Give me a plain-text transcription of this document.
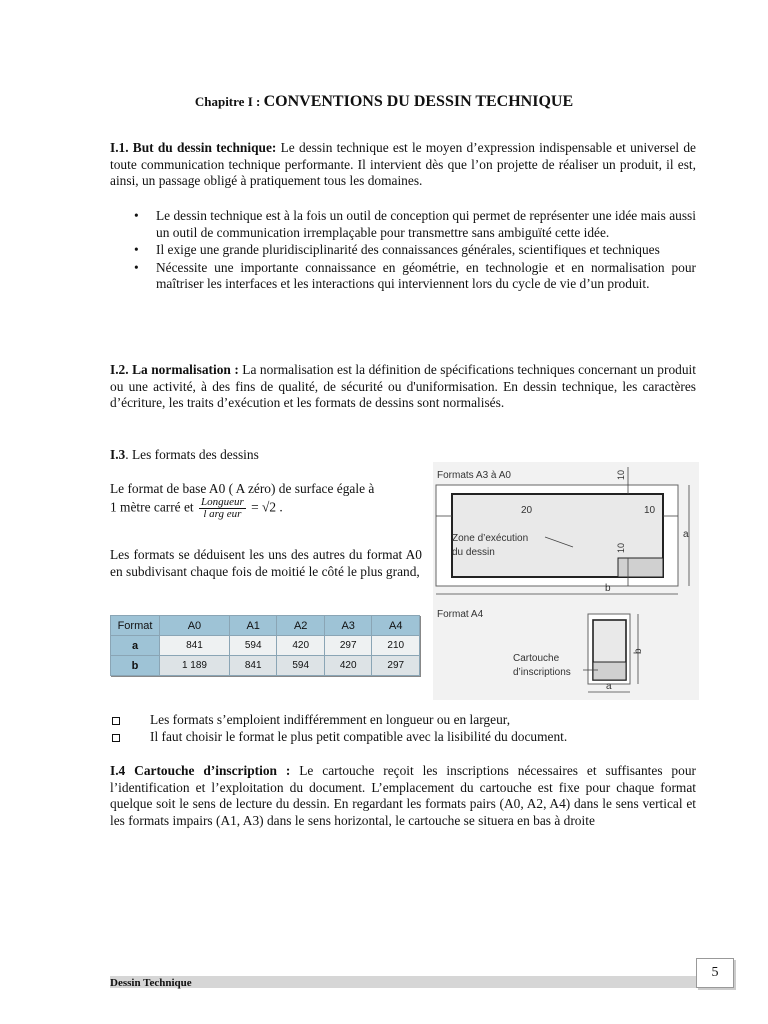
Chapitre I : CONVENTIONS DU DESSIN TECHNIQUE

I.1. But du dessin technique: Le dessin technique est le moyen d’expression indispensable et universel de toute communication technique performante. Il intervient dès que l’on projette de réaliser un produit, il est, ainsi, un passage obligé à pratiquement tous les domaines.

• Le dessin technique est à la fois un outil de conception qui permet de représenter une idée mais aussi un outil de communication irremplaçable pour transmettre sans ambiguïté cette idée.
• Il exige une grande pluridisciplinarité des connaissances générales, scientifiques et techniques
• Nécessite une importante connaissance en géométrie, en technologie et en normalisation pour maîtriser les interfaces et les interactions qui interviennent lors du cycle de vie d’un produit.

I.2. La normalisation : La normalisation est la définition de spécifications techniques concernant un produit ou une activité, à des fins de qualité, de sécurité ou d'uniformisation. En dessin technique, les caractères d’écriture, les traits d’exécution et les formats de dessins sont normalisés.

I.3. Les formats des dessins

Le format de base A0 ( A zéro) de surface égale à
1 mètre carré et $\frac{\text{Longueur}}{\text{l arg eur}} = √2$ .

Les formats se déduisent les uns des autres du format A0 en subdivisant chaque fois de moitié le côté le plus grand,

Format	A0	A1	A2	A3	A4
a	841	594	420	297	210
b	1 189	841	594	420	297
Formats A3 à A0	10
20	10
10
a
b
Zone d’exécution
du dessin
Format A4
b
a
Cartouche
d’inscriptions
Les formats s’emploient indifféremment en longueur ou en largeur,
Il faut choisir le format le plus petit compatible avec la lisibilité du document.

I.4 Cartouche d’inscription : Le cartouche reçoit les inscriptions nécessaires et suffisantes pour l’identification et l’exploitation du document. L’emplacement du cartouche est fixe pour chaque format quelque soit le sens de lecture du dessin. En regardant les formats pairs (A0, A2, A4) dans le sens vertical et les formats impairs (A1, A3) dans le sens horizontal, le cartouche se situera en bas à droite

Dessin Technique
5
